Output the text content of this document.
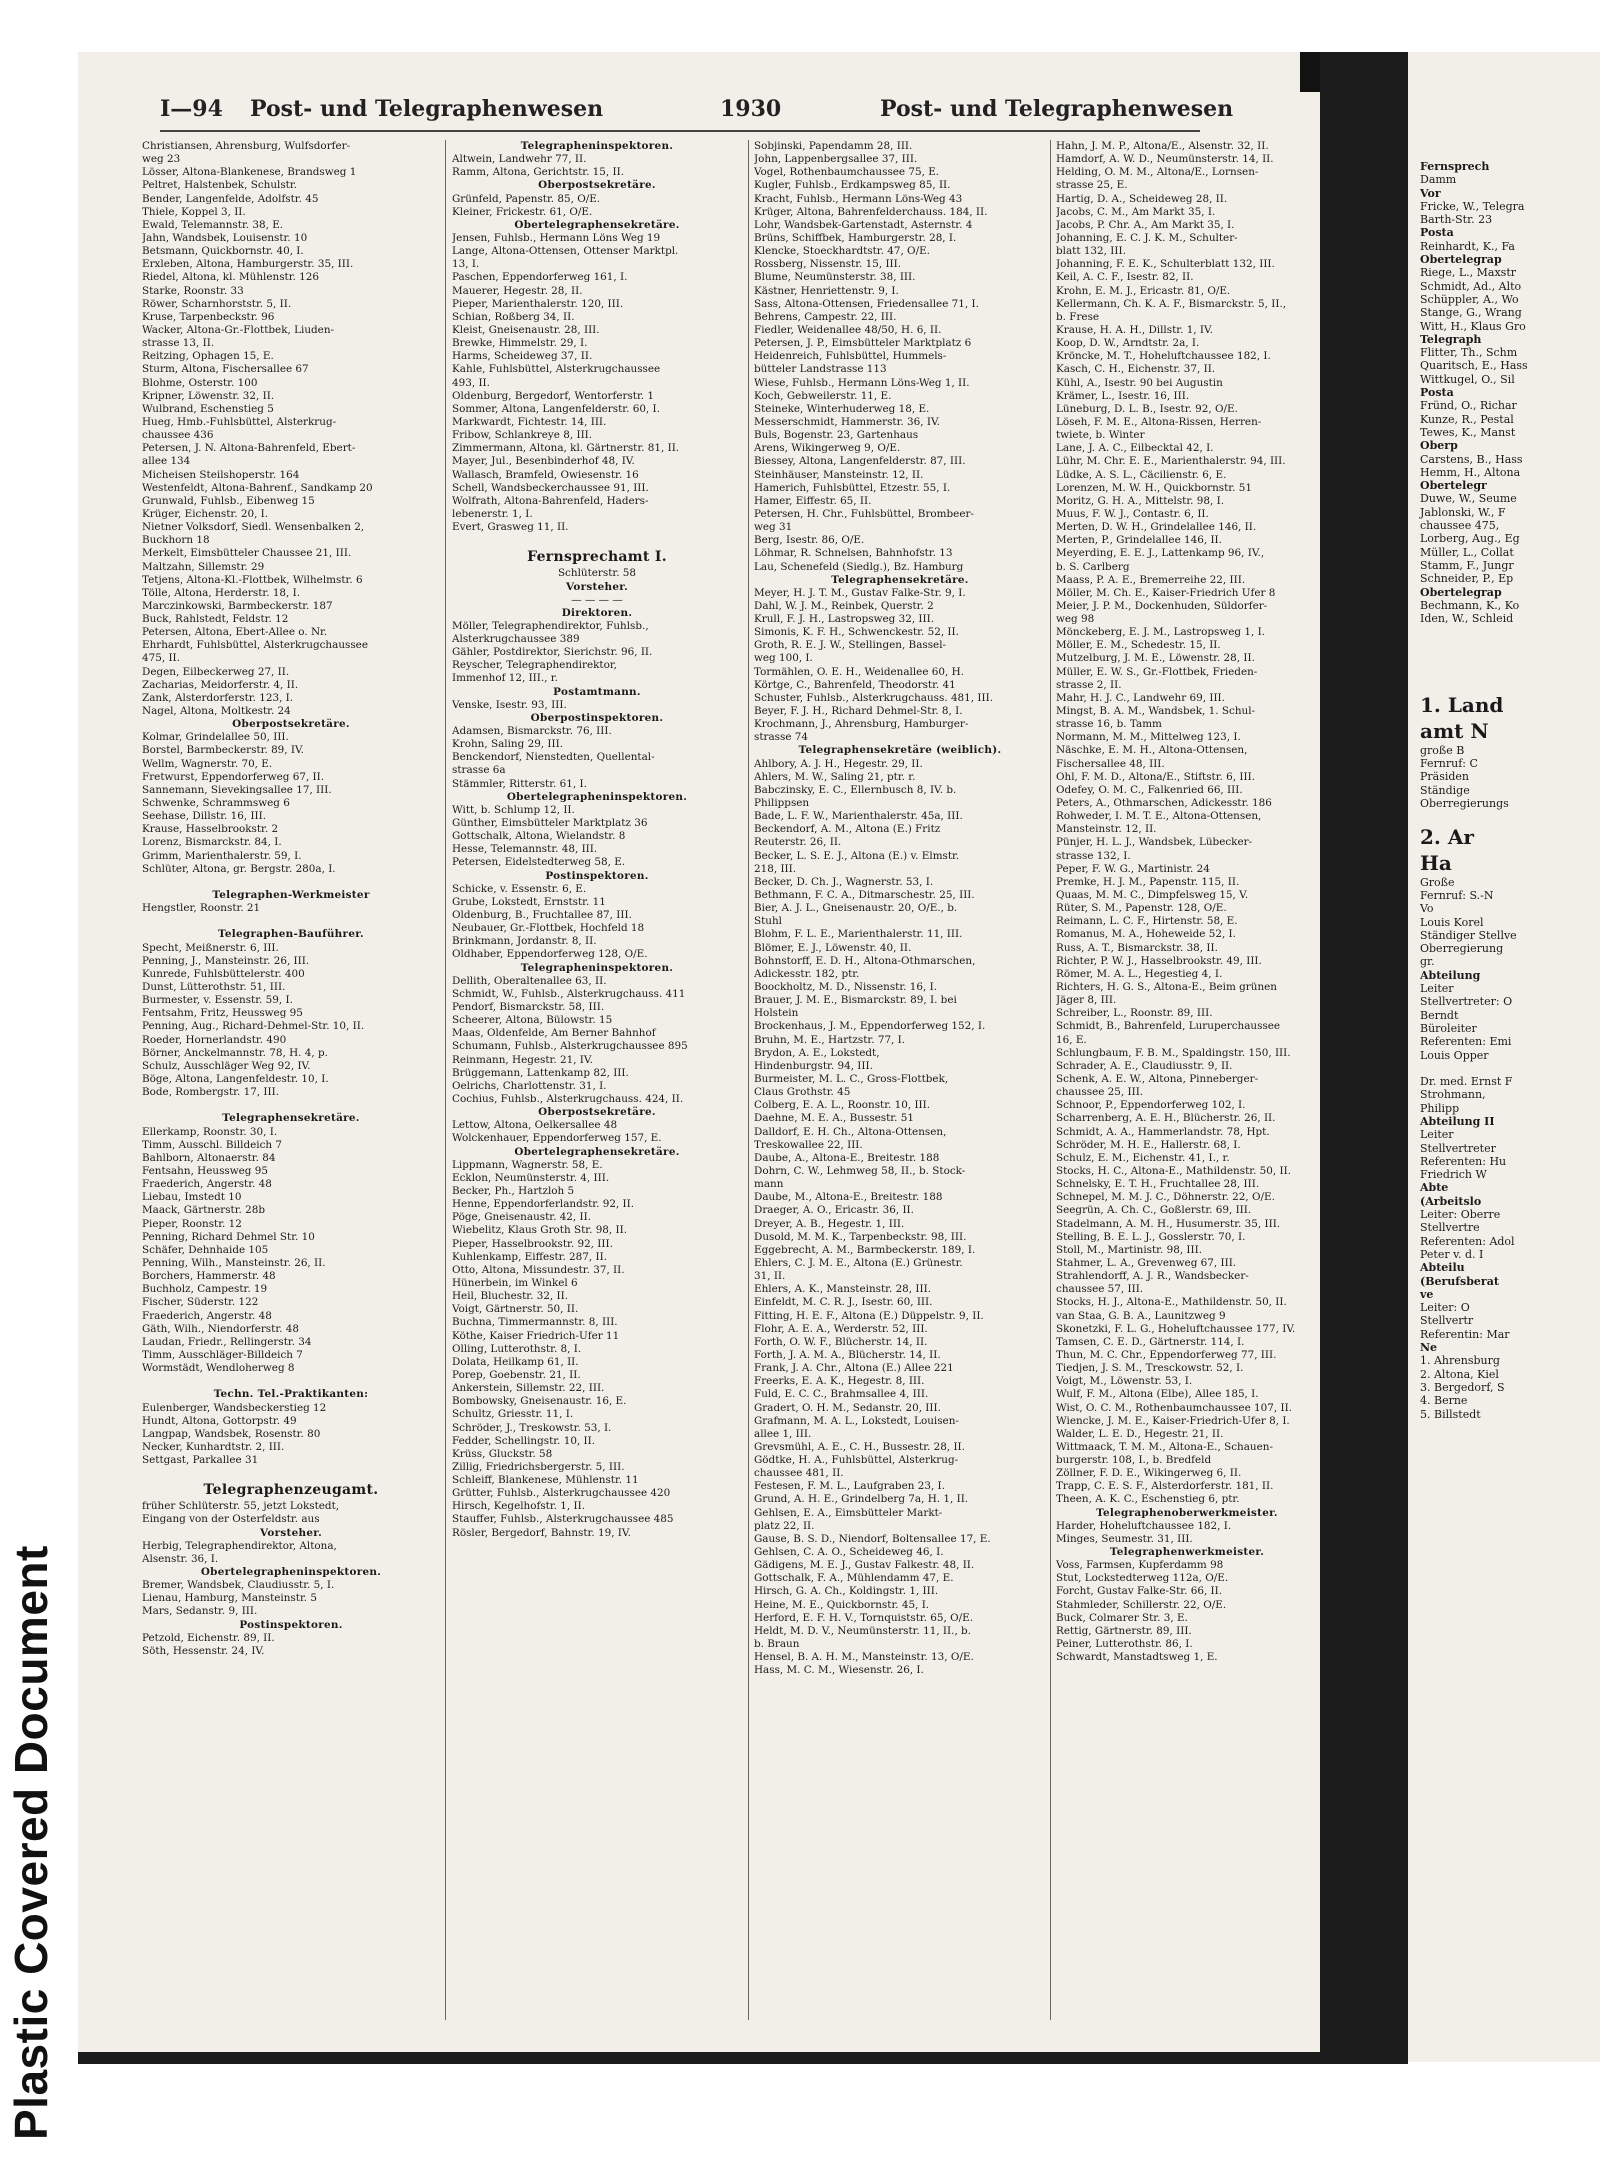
Plastic Covered Document
I—94 Post- und Telegraphenwesen	1930	Post- und Telegraphenwesen
Christiansen, Ahrensburg, Wulfsdorfer-
weg 23
Lösser, Altona-Blankenese, Brandsweg 1
Peltret, Halstenbek, Schulstr.
Bender, Langenfelde, Adolfstr. 45
Thiele, Koppel 3, II.
Ewald, Telemannstr. 38, E.
Jahn, Wandsbek, Louisenstr. 10
Betsmann, Quickbornstr. 40, I.
Erxleben, Altona, Hamburgerstr. 35, III.
Riedel, Altona, kl. Mühlenstr. 126
Starke, Roonstr. 33
Röwer, Scharnhorststr. 5, II.
Kruse, Tarpenbeckstr. 96
Wacker, Altona-Gr.-Flottbek, Liuden-
strasse 13, II.
Reitzing, Ophagen 15, E.
Sturm, Altona, Fischersallee 67
Blohme, Osterstr. 100
Kripner, Löwenstr. 32, II.
Wulbrand, Eschenstieg 5
Hueg, Hmb.-Fuhlsbüttel, Alsterkrug-
chaussee 436
Petersen, J. N. Altona-Bahrenfeld, Ebert-
allee 134
Micheisen Steilshoperstr. 164
Westenfeldt, Altona-Bahrenf., Sandkamp 20
Grunwald, Fuhlsb., Eibenweg 15
Krüger, Eichenstr. 20, I.
Nietner Volksdorf, Siedl. Wensenbalken 2,
Buckhorn 18
Merkelt, Eimsbütteler Chaussee 21, III.
Maltzahn, Sillemstr. 29
Tetjens, Altona-Kl.-Flottbek, Wilhelmstr. 6
Tölle, Altona, Herderstr. 18, I.
Marczinkowski, Barmbeckerstr. 187
Buck, Rahlstedt, Feldstr. 12
Petersen, Altona, Ebert-Allee o. Nr.
Ehrhardt, Fuhlsbüttel, Alsterkrugchaussee
475, II.
Degen, Eilbeckerweg 27, II.
Zacharias, Meidorferstr. 4, II.
Zank, Alsterdorferstr. 123, I.
Nagel, Altona, Moltkestr. 24
Oberpostsekretäre.
Kolmar, Grindelallee 50, III.
Borstel, Barmbeckerstr. 89, IV.
Wellm, Wagnerstr. 70, E.
Fretwurst, Eppendorferweg 67, II.
Sannemann, Sievekingsallee 17, III.
Schwenke, Schrammsweg 6
Seehase, Dillstr. 16, III.
Krause, Hasselbrookstr. 2
Lorenz, Bismarckstr. 84, I.
Grimm, Marienthalerstr. 59, I.
Schlüter, Altona, gr. Bergstr. 280a, I.

Telegraphen-Werkmeister
Hengstler, Roonstr. 21

Telegraphen-Bauführer.
Specht, Meißnerstr. 6, III.
Penning, J., Mansteinstr. 26, III.
Kunrede, Fuhlsbüttelerstr. 400
Dunst, Lütterothstr. 51, III.
Burmester, v. Essenstr. 59, I.
Fentsahm, Fritz, Heussweg 95
Penning, Aug., Richard-Dehmel-Str. 10, II.
Roeder, Hornerlandstr. 490
Börner, Anckelmannstr. 78, H. 4, p.
Schulz, Ausschläger Weg 92, IV.
Böge, Altona, Langenfeldestr. 10, I.
Bode, Rombergstr. 17, III.

Telegraphensekretäre.
Ellerkamp, Roonstr. 30, I.
Timm, Ausschl. Billdeich 7
Bahlborn, Altonaerstr. 84
Fentsahn, Heussweg 95
Fraederich, Angerstr. 48
Liebau, Imstedt 10
Maack, Gärtnerstr. 28b
Pieper, Roonstr. 12
Penning, Richard Dehmel Str. 10
Schäfer, Dehnhaide 105
Penning, Wilh., Mansteinstr. 26, II.
Borchers, Hammerstr. 48
Buchholz, Campestr. 19
Fischer, Süderstr. 122
Fraederich, Angerstr. 48
Gäth, Wilh., Niendorferstr. 48
Laudan, Friedr., Rellingerstr. 34
Timm, Ausschläger-Billdeich 7
Wormstädt, Wendloherweg 8

Techn. Tel.-Praktikanten:
Eulenberger, Wandsbeckerstieg 12
Hundt, Altona, Gottorpstr. 49
Langpap, Wandsbek, Rosenstr. 80
Necker, Kunhardtstr. 2, III.
Settgast, Parkallee 31

Telegraphenzeugamt.
früher Schlüterstr. 55, jetzt Lokstedt,
Eingang von der Osterfeldstr. aus
Vorsteher.
Herbig, Telegraphendirektor, Altona,
Alsenstr. 36, I.
Obertelegrapheninspektoren.
Bremer, Wandsbek, Claudiusstr. 5, I.
Lienau, Hamburg, Mansteinstr. 5
Mars, Sedanstr. 9, III.
Postinspektoren.
Petzold, Eichenstr. 89, II.
Söth, Hessenstr. 24, IV.
Telegrapheninspektoren.
Altwein, Landwehr 77, II.
Ramm, Altona, Gerichtstr. 15, II.
Oberpostsekretäre.
Grünfeld, Papenstr. 85, O/E.
Kleiner, Frickestr. 61, O/E.
Obertelegraphensekretäre.
Jensen, Fuhlsb., Hermann Löns Weg 19
Lange, Altona-Ottensen, Ottenser Marktpl.
13, I.
Paschen, Eppendorferweg 161, I.
Mauerer, Hegestr. 28, II.
Pieper, Marienthalerstr. 120, III.
Schian, Roßberg 34, II.
Kleist, Gneisenaustr. 28, III.
Brewke, Himmelstr. 29, I.
Harms, Scheideweg 37, II.
Kahle, Fuhlsbüttel, Alsterkrugchaussee
493, II.
Oldenburg, Bergedorf, Wentorferstr. 1
Sommer, Altona, Langenfelderstr. 60, I.
Markwardt, Fichtestr. 14, III.
Fribow, Schlankreye 8, III.
Zimmermann, Altona, kl. Gärtnerstr. 81, II.
Mayer, Jul., Besenbinderhof 48, IV.
Wallasch, Bramfeld, Owiesenstr. 16
Schell, Wandsbeckerchaussee 91, III.
Wolfrath, Altona-Bahrenfeld, Haders-
lebenerstr. 1, I.
Evert, Grasweg 11, II.

Fernsprechamt I.
Schlüterstr. 58
Vorsteher.
— — — —
Direktoren.
Möller, Telegraphendirektor, Fuhlsb.,
Alsterkrugchaussee 389
Gähler, Postdirektor, Sierichstr. 96, II.
Reyscher, Telegraphendirektor,
Immenhof 12, III., r.
Postamtmann.
Venske, Isestr. 93, III.
Oberpostinspektoren.
Adamsen, Bismarckstr. 76, III.
Krohn, Saling 29, III.
Benckendorf, Nienstedten, Quellental-
strasse 6a
Stämmler, Ritterstr. 61, I.
Obertelegrapheninspektoren.
Witt, b. Schlump 12, II.
Günther, Eimsbütteler Marktplatz 36
Gottschalk, Altona, Wielandstr. 8
Hesse, Telemannstr. 48, III.
Petersen, Eidelstedterweg 58, E.
Postinspektoren.
Schicke, v. Essenstr. 6, E.
Grube, Lokstedt, Ernststr. 11
Oldenburg, B., Fruchtallee 87, III.
Neubauer, Gr.-Flottbek, Hochfeld 18
Brinkmann, Jordanstr. 8, II.
Oldhaber, Eppendorferweg 128, O/E.
Telegrapheninspektoren.
Dellith, Oberaltenallee 63, II.
Schmidt, W., Fuhlsb., Alsterkrugchauss. 411
Pendorf, Bismarckstr. 58, III.
Scheerer, Altona, Bülowstr. 15
Maas, Oldenfelde, Am Berner Bahnhof
Schumann, Fuhlsb., Alsterkrugchaussee 895
Reinmann, Hegestr. 21, IV.
Brüggemann, Lattenkamp 82, III.
Oelrichs, Charlottenstr. 31, I.
Cochius, Fuhlsb., Alsterkrugchauss. 424, II.
Oberpostsekretäre.
Lettow, Altona, Oelkersallee 48
Wolckenhauer, Eppendorferweg 157, E.
Obertelegraphensekretäre.
Lippmann, Wagnerstr. 58, E.
Ecklon, Neumünsterstr. 4, III.
Becker, Ph., Hartzloh 5
Henne, Eppendorferlandstr. 92, II.
Pöge, Gneisenaustr. 42, II.
Wiebelitz, Klaus Groth Str. 98, II.
Pieper, Hasselbrookstr. 92, III.
Kuhlenkamp, Eiffestr. 287, II.
Otto, Altona, Missundestr. 37, II.
Hünerbein, im Winkel 6
Heil, Bluchestr. 32, II.
Voigt, Gärtnerstr. 50, II.
Buchna, Timmermannstr. 8, III.
Köthe, Kaiser Friedrich-Ufer 11
Olling, Lutterothstr. 8, I.
Dolata, Heilkamp 61, II.
Porep, Goebenstr. 21, II.
Ankerstein, Sillemstr. 22, III.
Bombowsky, Gneisenaustr. 16, E.
Schultz, Griesstr. 11, I.
Schröder, J., Treskowstr. 53, I.
Fedder, Schellingstr. 10, II.
Krüss, Gluckstr. 58
Zillig, Friedrichsbergerstr. 5, III.
Schleiff, Blankenese, Mühlenstr. 11
Grütter, Fuhlsb., Alsterkrugchaussee 420
Hirsch, Kegelhofstr. 1, II.
Stauffer, Fuhlsb., Alsterkrugchaussee 485
Rösler, Bergedorf, Bahnstr. 19, IV.
Sobjinski, Papendamm 28, III.
John, Lappenbergsallee 37, III.
Vogel, Rothenbaumchaussee 75, E.
Kugler, Fuhlsb., Erdkampsweg 85, II.
Kracht, Fuhlsb., Hermann Löns-Weg 43
Krüger, Altona, Bahrenfelderchauss. 184, II.
Lohr, Wandsbek-Gartenstadt, Asternstr. 4
Brüns, Schiffbek, Hamburgerstr. 28, I.
Klencke, Stoeckhardtstr. 47, O/E.
Rossberg, Nissenstr. 15, III.
Blume, Neumünsterstr. 38, III.
Kästner, Henriettenstr. 9, I.
Sass, Altona-Ottensen, Friedensallee 71, I.
Behrens, Campestr. 22, III.
Fiedler, Weidenallee 48/50, H. 6, II.
Petersen, J. P., Eimsbütteler Marktplatz 6
Heidenreich, Fuhlsbüttel, Hummels-
bütteler Landstrasse 113
Wiese, Fuhlsb., Hermann Löns-Weg 1, II.
Koch, Gebweilerstr. 11, E.
Steineke, Winterhuderweg 18, E.
Messerschmidt, Hammerstr. 36, IV.
Buls, Bogenstr. 23, Gartenhaus
Arens, Wikingerweg 9, O/E.
Biessey, Altona, Langenfelderstr. 87, III.
Steinhäuser, Mansteinstr. 12, II.
Hamerich, Fuhlsbüttel, Etzestr. 55, I.
Hamer, Eiffestr. 65, II.
Petersen, H. Chr., Fuhlsbüttel, Brombeer-
weg 31
Berg, Isestr. 86, O/E.
Löhmar, R. Schnelsen, Bahnhofstr. 13
Lau, Schenefeld (Siedlg.), Bz. Hamburg
Telegraphensekretäre.
Meyer, H. J. T. M., Gustav Falke-Str. 9, I.
Dahl, W. J. M., Reinbek, Querstr. 2
Krull, F. J. H., Lastropsweg 32, III.
Simonis, K. F. H., Schwenckestr. 52, II.
Groth, R. E. J. W., Stellingen, Bassel-
weg 100, I.
Tormählen, O. E. H., Weidenallee 60, H.
Körtge, C., Bahrenfeld, Theodorstr. 41
Schuster, Fuhlsb., Alsterkrugchauss. 481, III.
Beyer, F. J. H., Richard Dehmel-Str. 8, I.
Krochmann, J., Ahrensburg, Hamburger-
strasse 74
Telegraphensekretäre (weiblich).
Ahlbory, A. J. H., Hegestr. 29, II.
Ahlers, M. W., Saling 21, ptr. r.
Babczinsky, E. C., Ellernbusch 8, IV. b.
Philippsen
Bade, L. F. W., Marienthalerstr. 45a, III.
Beckendorf, A. M., Altona (E.) Fritz
Reuterstr. 26, II.
Becker, L. S. E. J., Altona (E.) v. Elmstr.
218, III.
Becker, D. Ch. J., Wagnerstr. 53, I.
Bethmann, F. C. A., Ditmarschestr. 25, III.
Bier, A. J. L., Gneisenaustr. 20, O/E., b.
Stuhl
Blohm, F. L. E., Marienthalerstr. 11, III.
Blömer, E. J., Löwenstr. 40, II.
Bohnstorff, E. D. H., Altona-Othmarschen,
Adickesstr. 182, ptr.
Boockholtz, M. D., Nissenstr. 16, I.
Brauer, J. M. E., Bismarckstr. 89, I. bei
Holstein
Brockenhaus, J. M., Eppendorferweg 152, I.
Bruhn, M. E., Hartzstr. 77, I.
Brydon, A. E., Lokstedt,
Hindenburgstr. 94, III.
Burmeister, M. L. C., Gross-Flottbek,
Claus Grothstr. 45
Colberg, E. A. L., Roonstr. 10, III.
Daehne, M. E. A., Bussestr. 51
Dalldorf, E. H. Ch., Altona-Ottensen,
Treskowallee 22, III.
Daube, A., Altona-E., Breitestr. 188
Dohrn, C. W., Lehmweg 58, II., b. Stock-
mann
Daube, M., Altona-E., Breitestr. 188
Draeger, A. O., Ericastr. 36, II.
Dreyer, A. B., Hegestr. 1, III.
Dusold, M. M. K., Tarpenbeckstr. 98, III.
Eggebrecht, A. M., Barmbeckerstr. 189, I.
Ehlers, C. J. M. E., Altona (E.) Grünestr.
31, II.
Ehlers, A. K., Mansteinstr. 28, III.
Einfeldt, M. C. R. J., Isestr. 60, III.
Fitting, H. E. F., Altona (E.) Düppelstr. 9, II.
Flohr, A. E. A., Werderstr. 52, III.
Forth, O. W. F., Blücherstr. 14, II.
Forth, J. A. M. A., Blücherstr. 14, II.
Frank, J. A. Chr., Altona (E.) Allee 221
Freerks, E. A. K., Hegestr. 8, III.
Fuld, E. C. C., Brahmsallee 4, III.
Gradert, O. H. M., Sedanstr. 20, III.
Grafmann, M. A. L., Lokstedt, Louisen-
allee 1, III.
Grevsmühl, A. E., C. H., Bussestr. 28, II.
Gödtke, H. A., Fuhlsbüttel, Alsterkrug-
chaussee 481, II.
Festesen, F. M. L., Laufgraben 23, I.
Grund, A. H. E., Grindelberg 7a, H. 1, II.
Gehlsen, E. A., Eimsbütteler Markt-
platz 22, II.
Gause, B. S. D., Niendorf, Boltensallee 17, E.
Gehlsen, C. A. O., Scheideweg 46, I.
Gädigens, M. E. J., Gustav Falkestr. 48, II.
Gottschalk, F. A., Mühlendamm 47, E.
Hirsch, G. A. Ch., Koldingstr. 1, III.
Heine, M. E., Quickbornstr. 45, I.
Herford, E. F. H. V., Tornquiststr. 65, O/E.
Heldt, M. D. V., Neumünsterstr. 11, II., b.
b. Braun
Hensel, B. A. H. M., Mansteinstr. 13, O/E.
Hass, M. C. M., Wiesenstr. 26, I.
Hahn, J. M. P., Altona/E., Alsenstr. 32, II.
Hamdorf, A. W. D., Neumünsterstr. 14, II.
Helding, O. M. M., Altona/E., Lornsen-
strasse 25, E.
Hartig, D. A., Scheideweg 28, II.
Jacobs, C. M., Am Markt 35, I.
Jacobs, P. Chr. A., Am Markt 35, I.
Johanning, E. C. J. K. M., Schulter-
blatt 132, III.
Johanning, F. E. K., Schulterblatt 132, III.
Keil, A. C. F., Isestr. 82, II.
Krohn, E. M. J., Ericastr. 81, O/E.
Kellermann, Ch. K. A. F., Bismarckstr. 5, II.,
b. Frese
Krause, H. A. H., Dillstr. 1, IV.
Koop, D. W., Arndtstr. 2a, I.
Kröncke, M. T., Hoheluftchaussee 182, I.
Kasch, C. H., Eichenstr. 37, II.
Kühl, A., Isestr. 90 bei Augustin
Krämer, L., Isestr. 16, III.
Lüneburg, D. L. B., Isestr. 92, O/E.
Löseh, F. M. E., Altona-Rissen, Herren-
twiete, b. Winter
Lane, J. A. C., Eilbecktal 42, I.
Lühr, M. Chr. E. E., Marienthalerstr. 94, III.
Lüdke, A. S. L., Cäcilienstr. 6, E.
Lorenzen, M. W. H., Quickbornstr. 51
Moritz, G. H. A., Mittelstr. 98, I.
Muus, F. W. J., Contastr. 6, II.
Merten, D. W. H., Grindelallee 146, II.
Merten, P., Grindelallee 146, II.
Meyerding, E. E. J., Lattenkamp 96, IV.,
b. S. Carlberg
Maass, P. A. E., Bremerreihe 22, III.
Möller, M. Ch. E., Kaiser-Friedrich Ufer 8
Meier, J. P. M., Dockenhuden, Süldorfer-
weg 98
Mönckeberg, E. J. M., Lastropsweg 1, I.
Möller, E. M., Schedestr. 15, II.
Mutzelburg, J. M. E., Löwenstr. 28, II.
Müller, E. W. S., Gr.-Flottbek, Frieden-
strasse 2, II.
Mahr, H. J. C., Landwehr 69, III.
Mingst, B. A. M., Wandsbek, 1. Schul-
strasse 16, b. Tamm
Normann, M. M., Mittelweg 123, I.
Näschke, E. M. H., Altona-Ottensen,
Fischersallee 48, III.
Ohl, F. M. D., Altona/E., Stiftstr. 6, III.
Odefey, O. M. C., Falkenried 66, III.
Peters, A., Othmarschen, Adickesstr. 186
Rohweder, I. M. T. E., Altona-Ottensen,
Mansteinstr. 12, II.
Pünjer, H. L. J., Wandsbek, Lübecker-
strasse 132, I.
Peper, F. W. G., Martinistr. 24
Premke, H. J. M., Papenstr. 115, II.
Quaas, M. M. C., Dimpfelsweg 15, V.
Rüter, S. M., Papenstr. 128, O/E.
Reimann, L. C. F., Hirtenstr. 58, E.
Romanus, M. A., Hoheweide 52, I.
Russ, A. T., Bismarckstr. 38, II.
Richter, P. W. J., Hasselbrookstr. 49, III.
Römer, M. A. L., Hegestieg 4, I.
Richters, H. G. S., Altona-E., Beim grünen
Jäger 8, III.
Schreiber, L., Roonstr. 89, III.
Schmidt, B., Bahrenfeld, Luruperchaussee
16, E.
Schlungbaum, F. B. M., Spaldingstr. 150, III.
Schrader, A. E., Claudiusstr. 9, II.
Schenk, A. E. W., Altona, Pinneberger-
chaussee 25, III.
Schnoor, P., Eppendorferweg 102, I.
Scharrenberg, A. E. H., Blücherstr. 26, II.
Schmidt, A. A., Hammerlandstr. 78, Hpt.
Schröder, M. H. E., Hallerstr. 68, I.
Schulz, E. M., Eichenstr. 41, I., r.
Stocks, H. C., Altona-E., Mathildenstr. 50, II.
Schnelsky, E. T. H., Fruchtallee 28, III.
Schnepel, M. M. J. C., Döhnerstr. 22, O/E.
Seegrün, A. Ch. C., Goßlerstr. 69, III.
Stadelmann, A. M. H., Husumerstr. 35, III.
Stelling, B. E. L. J., Gosslerstr. 70, I.
Stoll, M., Martinistr. 98, III.
Stahmer, L. A., Grevenweg 67, III.
Strahlendorff, A. J. R., Wandsbecker-
chaussee 57, III.
Stocks, H. J., Altona-E., Mathildenstr. 50, II.
van Staa, G. B. A., Launitzweg 9
Skonetzki, F. L. G., Hoheluftchaussee 177, IV.
Tamsen, C. E. D., Gärtnerstr. 114, I.
Thun, M. C. Chr., Eppendorferweg 77, III.
Tiedjen, J. S. M., Tresckowstr. 52, I.
Voigt, M., Löwenstr. 53, I.
Wulf, F. M., Altona (Elbe), Allee 185, I.
Wist, O. C. M., Rothenbaumchaussee 107, II.
Wiencke, J. M. E., Kaiser-Friedrich-Ufer 8, I.
Walder, L. E. D., Hegestr. 21, II.
Wittmaack, T. M. M., Altona-E., Schauen-
burgerstr. 108, I., b. Bredfeld
Zöllner, F. D. E., Wikingerweg 6, II.
Trapp, C. E. S. F., Alsterdorferstr. 181, II.
Theen, A. K. C., Eschenstieg 6, ptr.
Telegraphenoberwerkmeister.
Harder, Hoheluftchaussee 182, I.
Minges, Seumestr. 31, III.
Telegraphenwerkmeister.
Voss, Farmsen, Kupferdamm 98
Stut, Lockstedterweg 112a, O/E.
Forcht, Gustav Falke-Str. 66, II.
Stahmleder, Schillerstr. 22, O/E.
Buck, Colmarer Str. 3, E.
Rettig, Gärtnerstr. 89, III.
Peiner, Lutterothstr. 86, I.
Schwardt, Manstadtsweg 1, E.
Fernsprech
Damm
Vor
Fricke, W., Telegra
Barth-Str. 23
Posta
Reinhardt, K., Fa
Obertelegrap
Riege, L., Maxstr
Schmidt, Ad., Alto
Schüppler, A., Wo
Stange, G., Wrang
Witt, H., Klaus Gro
Telegraph
Flitter, Th., Schm
Quaritsch, E., Hass
Wittkugel, O., Sil
Posta
Fründ, O., Richar
Kunze, R., Pestal
Tewes, K., Manst
Oberp
Carstens, B., Hass
Hemm, H., Altona
Obertelegr
Duwe, W., Seume
Jablonski, W., F
chaussee 475,
Lorberg, Aug., Eg
Müller, L., Collat
Stamm, F., Jungr
Schneider, P., Ep
Obertelegrap
Bechmann, K., Ko
Iden, W., Schleid

1. Land
amt N
große B
Fernruf: C
Präsiden
Ständige
Oberregierungs

2. Ar
Ha
Große
Fernruf: S.-N
Vo
Louis Korel
Ständiger Stellve
Oberregierung
gr.
Abteilung
Leiter
Stellvertreter: O
Berndt
Büroleiter
Referenten: Emi
Louis Opper

Dr. med. Ernst F
Strohmann,
Philipp
Abteilung II
Leiter
Stellvertreter
Referenten: Hu
Friedrich W
Abte
(Arbeitslo
Leiter: Oberre
Stellvertre
Referenten: Adol
Peter v. d. I
Abteilu
(Berufsberat
ve
Leiter: O
Stellvertr
Referentin: Mar
Ne
1. Ahrensburg
2. Altona, Kiel
3. Bergedorf, S
4. Berne
5. Billstedt
